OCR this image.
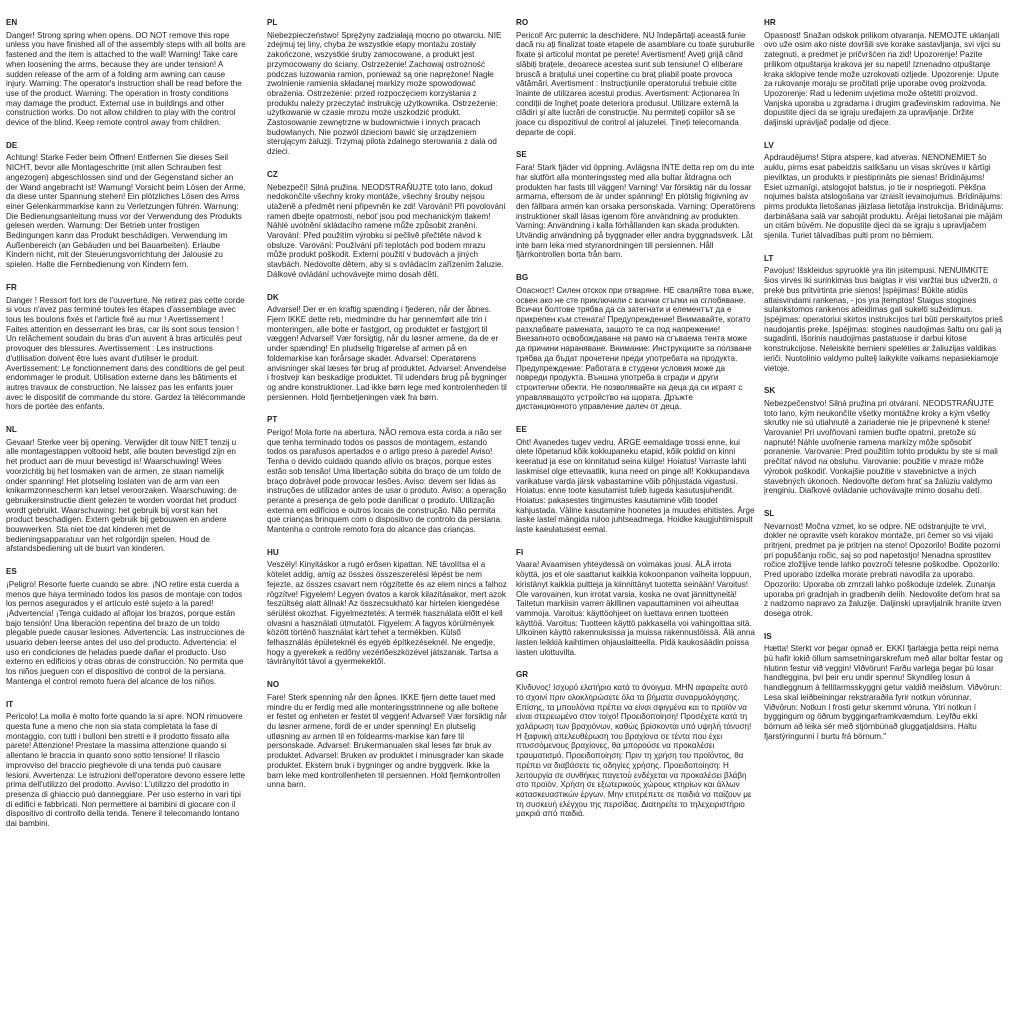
EN

Danger! Strong spring when opens. DO NOT remove this rope unless you have finished all of the assembly steps with all bolts are fastened and the item is attached to the wall! Warning! Take care when loosening the arms, because they are under tension! A sudden release of the arm of a folding arm awning can cause injury. Warning: The operator's instruction shall be read before the use of the product. Warning: The operation in frosty conditions may damage the product. External use in buildings and other construction works. Do not allow children to play with the control device of the blind. Keep remote control away from children.

DE

Achtung! Starke Feder beim Öffnen! Entfernen Sie dieses Seil NICHT, bevor alle Montageschritte (mit allen Schrauben fest angezogen) abgeschlossen sind und der Gegenstand sicher an der Wand angebracht ist! Warnung! Vorsicht beim Lösen der Arme, da diese unter Spannung stehen! Ein plötzliches Lösen des Arms einer Gelenkarmmarkise kann zu Verletzungen führen. Warnung: Die Bedienungsanleitung muss vor der Verwendung des Produkts gelesen werden. Warnung: Der Betrieb unter frostigen Bedingungen kann das Produkt beschädigen. Verwendung im Außenbereich (an Gebäuden und bei Bauarbeiten). Erlaube Kindern nicht, mit der Steuerungsvorrichtung der Jalousie zu spielen. Halte die Fernbedienung von Kindern fern.

FR

Danger ! Ressort fort lors de l'ouverture. Ne retirez pas cette corde si vous n'avez pas terminé toutes les étapes d'assemblage avec tous les boulons fixés et l'article fixé au mur ! Avertissement ! Faites attention en desserrant les bras, car ils sont sous tension ! Un relâchement soudain du bras d'un auvent à bras articulés peut provoquer des blessures. Avertissement : Les instructions d'utilisation doivent être lues avant d'utiliser le produit. Avertissement: Le fonctionnement dans des conditions de gel peut endommager le produit. Utilisation externe dans les bâtiments et autres travaux de construction. Ne laissez pas les enfants jouer avec le dispositif de commande du store. Gardez la télécommande hors de portée des enfants.

NL

Gevaar! Sterke veer bij opening. Verwijder dit touw NIET tenzij u alle montagestappen voltooid hebt, alle bouten bevestigd zijn en het product aan de muur bevestigd is! Waarschuwing! Wees voorzichtig bij het losmaken van de armen, ze staan namelijk onder spanning! Het plotseling loslaten van de arm van een knikarmzonnescherm kan letsel veroorzaken. Waarschuwing: de gebruikersinstructie dient gelezen te worden voordat het product wordt gebruikt. Waarschuwing: het gebruik bij vorst kan het product beschadigen. Extern gebruik bij gebouwen en andere bouwwerken. Sta niet toe dat kinderen met de bedieningsapparatuur van het rolgordijn spelen. Houd de afstandsbediening uit de buurt van kinderen.

ES

¡Peligro! Resorte fuerte cuando se abre. ¡NO retire esta cuerda a menos que haya terminado todos los pasos de montaje con todos los pernos asegurados y el artículo esté sujeto a la pared! ¡Advertencia! ¡Tenga cuidado al aflojar los brazos, porque están bajo tensión! Una liberación repentina del brazo de un toldo plegable puede causar lesiones. Advertencia: Las instrucciones de usuario deben leerse antes del uso del producto. Advertencia: el uso en condiciones de heladas puede dañar el producto. Uso externo en edificios y otras obras de construcción. No permita que los niños jueguen con el dispositivo de control de la persiana. Mantenga el control remoto fuera del alcance de los niños.

IT

Pericolo! La molla è molto forte quando la si apre. NON rimuovere questa fune a meno che non sia stata completata la fase di montaggio, con tutti i bulloni ben stretti e il prodotto fissato alla parete! Attenzione! Prestare la massima attenzione quando si allentano le braccia in quanto sono sotto tensione! Il rilascio improvviso del braccio pieghevole di una tenda può causare lesioni. Avvertenza: Le istruzioni dell'operatore devono essere lette prima dell'utilizzo del prodotto. Avviso: L'utilizzo del prodotto in presenza di ghiaccio può danneggiare. Per uso esterno in vari tipi di edifici e fabbricati. Non permettere ai bambini di giocare con il dispositivo di controllo della tenda. Tenere il telecomando lontano dai bambini.

PL

Niebezpieczeństwo! Sprężyny zadziałają mocno po otwarciu. NIE zdejmuj tej liny, chyba że wszystkie etapy montażu zostały zakończone, wszystkie śruby zamocowane, a produkt jest przymocowany do ściany. Ostrzeżenie! Zachowaj ostrożność podczas luzowania ramion, ponieważ są one naprężone! Nagłe zwolnienie ramienia składanej markizy może spowodować obrażenia. Ostrzeżenie: przed rozpoczęciem korzystania z produktu należy przeczytać instrukcję użytkownika. Ostrzeżenie: użytkowanie w czasie mrozu może uszkodzić produkt. Zastosowanie zewnętrzne w budownictwie i innych pracach budowlanych. Nie pozwól dzieciom bawić się urządzeniem sterującym żaluzji. Trzymaj pilota zdalnego sterowania z dala od dzieci.

CZ

Nebezpečí! Silná pružina. NEODSTRAŇUJTE toto lano, dokud nedokončíte všechny kroky montáže, všechny šrouby nejsou utaženě a předmět není připevněn ke zdi! Varování! Při povolování ramen dbejte opatrnosti, neboť jsou pod mechanickým tlakem! Náhlé uvolnění skládacího ramene může způsobit zranění. Varování: Před použitím výrobku si pečlivě přečtěte návod k obsluze. Varování: Používání při teplotách pod bodem mrazu může produkt poškodit. Externí použití v budovách a jiných stavbách. Nedovolte dětem, aby si s ovládacím zařízením žaluzie. Dálkové ovládání uchovávejte mimo dosah dětí.

DK

Advarsel! Der er en kraftig spænding i fjederen, når der åbnes. Fjern IKKE dette reb, medmindre du har gennemført alle trin i monteringen, alle bolte er fastgjort, og produktet er fastgjort til væggen! Advarsel! Vær forsigtig, når du løsner armene, da de er under spænding! En pludselig frigørelse af armen på en foldemarkise kan forårsage skader. Advarsel: Operatørens anvisninger skal læses før brug af produktet. Advarsel: Anvendelse i frostvejr kan beskadige produktet. Til udendørs brug på bygninger og andre konstruktioner. Lad ikke børn lege med kontrolenheden til persiennen. Hold fjernbetjeningen væk fra børn.

PT

Perigo! Mola forte na abertura. NÃO remova esta corda a não ser que tenha terminado todos os passos de montagem, estando todos os parafusos apertados e o artigo preso à parede! Aviso! Tenha o devido cuidado quando alívio os braços, porque estes estão sob tensão! Uma libertação súbita do braço de um toldo de braço dobrável pode provocar lesões. Aviso: devem ser lidas as instruções de utilizador antes de usar o produto. Aviso: a operação perante a presença de gelo pode danificar o produto. Utilização externa em edifícios e outros locais de construção. Não permita que crianças brinquem com o dispositivo de controlo da persiana. Mantenha o controle remoto fora do alcance das crianças.

HU

Veszély! Kinyitáskor a rugó erősen kipattan. NE távolítsa el a kötelet addig, amíg az összes összeszerelési lépést be nem fejezte, az összes csavart nem rögzítette és az elem nincs a falhoz rögzítve! Figyelem! Legyen óvatos a karok kilazításakor, mert azok feszültség alatt állnak! Az összecsukható kar hirtelen kiengedése sérülést okozhat. Figyelmeztetés: A termék használata előtt el kell olvasni a használati útmutatót. Figyelem: A fagyos körülmények között történő használat kárt tehet a termékben. Külső felhasználás épületeknél és egyéb építkezéseknél. Ne engedje, hogy a gyerekek a redőny vezérlőeszközével játszanak. Tartsa a távirányítót távol a gyermekektől.

NO

Fare! Sterk spenning når den åpnes. IKKE fjern dette tauet med mindre du er ferdig med alle monteringsstrinnene og alle boltene er festet og enheten er festet til veggen! Advarsel! Vær forsiktig når du løsner armene, fordi de er under spenning! En plutselig utløsning av armen til en foldearms-markise kan føre til personskade. Advarsel: Brukermanualen skal leses før bruk av produktet. Advarsel: Bruken av produktet i minusgrader kan skade produktet. Ekstern bruk i bygninger og andre byggverk. Ikke la barn leke med kontrollenheten til persiennen. Hold fjernkontrollen unna barn.

RO

Pericol! Arc puternic la deschidere. NU îndepărtați această funie dacă nu ați finalizat toate etapele de asamblare cu toate șuruburile fixate și articolul montat pe perete! Avertisment! Aveți grijă când slăbiți brațele, deoarece acestea sunt sub tensiune! O eliberare bruscă a brațului unei copertine cu braț pliabil poate provoca vătămări. Avertisment : Instrucțiunile operatorului trebuie citite înainte de utilizarea acestui produs. Avertisment: Acționarea în condiții de îngheț poate deteriora produsul. Utilizare externă la clădiri și alte lucrări de construcție. Nu permiteți copiilor să se joace cu dispozitivul de control al jaluzelei. Țineți telecomanda departe de copii.

SE

Fara! Stark fjäder vid öppning. Avlägsna INTE detta rep om du inte har slutfört alla monteringssteg med alla bultar åtdragna och produkten har fasts till väggen! Varning! Var försiktig när du lossar armarna, eftersom de är under spänning! En plötslig frigivning av den fällbara armen kan orsaka personskada. Varning: Operatörens instruktioner skall läsas igenom före användning av produkten. Varning: Användning i kalla förhållanden kan skada produkten. Utvändig användning på byggnader eller andra byggnadsverk. Låt inte barn leka med styranordningen till persiennen. Håll fjärrkontrollen borta från barn.

BG

Опасност! Силен отскок при отваряне. НЕ сваляйте това въже, освен ако не сте приключили с всички стъпки на сглобяване. Всички болтове трябва да са затегнати и елементът да е прикрепен към стената! Предупреждение! Внимавайте, когато разхлабвате рамената, защото те са под напрежение! Внезапното освобождаване на рамо на сгъваема тента може да причини нараняване. Внимание: Инструкциите за ползване трябва да бъдат прочетени преди употребата на продукта. Предупреждение: Работата в студени условия може да повреди продукта. Външна употреба в сгради и други строителни обекти. Не позволявайте на деца да си играят с управляващото устройство на щората. Дръжте дистанционното управление далеч от деца.

EE

Oht! Avanedes tugev vedru. ÄRGE eemaldage trossi enne, kui olete lõpetanud kõik kokkupaneku etapid, kõik poldid on kinni keeratud ja ese on kinnitatud seina külge! Hoiatus! Varraste lahti laskmisel olge ettevaatlik, kuna need on pinge all! Kokkupandava varikatuse varda järsk vabastamine võib põhjustada vigastusi. Hoiatus: enne toote kasutamist tuleb lugeda kasutusjuhendit. Hoiatus: pakasestes tingimustes kasutamine võib toodet kahjustada. Väline kasutamine hoonetes ja muudes ehitistes. Ärge laske lastel mängida ruloo juhtseadmega. Hoidke kaugjuhtimispult laste kaeulatusest eemal.

FI

Vaara! Avaamisen yhteydessä on voimakas jousi. ÄLÄ irrota köyttä, jos et ole saattanut kaikkia kokoonpanon vaiheita loppuun, kiristänyt kaikkia pultteja ja kiinnittänyt tuotetta seinään! Varoitus! Ole varovainen, kun irrotat varsia, koska ne ovat jännittyneitä! Taitetun markiisin varren äkillinen vapauttaminen voi aiheuttaa vammoja. Varoitus: käyttöohjeet on luettava ennen tuotteen käyttöä. Varoitus: Tuotteen käyttö pakkasella voi vahingoittaa sitä. Ulkoinen käyttö rakennuksissa ja muissa rakennustöissä. Älä anna lasten leikkiä kaihtimen ohjauslaitteella. Pidä kaukosäädin poissa lasten ulottuvilta.

GR

Κίνδυνος! Ισχυρό ελατήριο κατά το άνοιγμα. ΜΗΝ αφαιρείτε αυτό το σχοινί πριν ολοκληρώσετε όλα τα βήματα συναρμολόγησης. Επίσης, τα μπουλόνια πρέπει να είναι σφιγμένα και το προϊόν να είναι στερεωμένο στον τοίχο! Προειδοποίηση! Προσέχετε κατά τη χαλάρωση των βραχιόνων, καθώς βρίσκονται υπό υψηλή τάνυση! Η ξαφνική απελευθέρωση του βραχίονα σε τέντα που έχει πτυσσόμενους βραχίονες, θα μπορούσε να προκαλέσει τραυματισμό. Προειδοποίηση: Πριν τη χρήση του προϊόντος, θα πρέπει να διαβάσετε τις οδηγίες χρήσης. Προειδοποίηση: Η λειτουργία σε συνθήκες παγετού ενδέχεται να προκαλέσει βλάβη στο προϊόν. Χρήση σε εξωτερικούς χώρους κτηρίων και άλλων κατασκευαστικών έργων. Μην επιτρέπετε σε παιδιά να παίζουν με τη συσκευή ελέγχου της περσίδας. Διατηρείτε το τηλεχειριστήριο μακριά από παιδιά.

HR

Opasnost! Snažan odskok prilikom otvaranja. NEMOJTE uklanjati ovo uže osim ako niste dovršili sve korake sastavljanja, svi vijci su zategnuti, a predmet je pričvršćen na zid! Upozorenje! Pazite prilikom otpuštanja krakova jer su napeti! Iznenadno otpuštanje kraka sklopive tende može uzrokovati ozljede. Upozorenje: Upute za rukovanje moraju se pročitati prije uporabe ovog proizvoda. Upozorenje: Rad u ledenim uvjetima može oštetiti proizvod. Vanjska uporaba u zgradama i drugim građevinskim radovima. Ne dopustite djeci da se igraju uređajem za upravljanje. Držite daljinski upravljač podalje od djece.

LV

Apdraudējums! Stipra atspere, kad atveras. NENONEMIET šo auklu, pirms esat pabeidzis salikšanu un visas skrūves ir kārtīgi pievilktas, un produkts ir piestiprināts pie sienas! Brīdinājums! Esiet uzmanīgi, atslogojot balstus, jo tie ir nospriegoti. Pēkšņa nojumes balsta atslogošana var izraisīt ievainojumus. Brīdinājums: pirms produkta lietošanas jāizlasa lietotāja instrukcija. Brīdinājums: darbināšana salā var sabojāt produktu. Ārējai lietošanai pie mājām un citām būvēm. Ne dopustite djeci da se igraju s upravljačem sjenila. Turiet tālvadības pulti prom no bērniem.

LT

Pavojus! Išskleidus spyruoklė yra itin įsitempusi. NENUIMKITE šios virvės iki surinkimas bus baigtas ir visi varžtai bus užveržti, o prekė bus pritvirtinta prie sienos! Įspėjimas! Būkite atidūs atlaisvindami rankenas, - jos yra įtemptos! Staigus stogines sulankstomos rankenos atleidimas gali sukelti sužeidimus. Įspėjimas: operatoriui skirtos instrukcijos turi būti perskaitytos prieš naudojantis preke. Įspėjimas: stogines naudojimas šaltu oru gali ją sugadinti. Išorinis naudojimas pastatuose ir darbui kitose konstrukcijose. Neleiskite bernieni spelėties ar žaliuzijas valdikas ieriči. Nuotolinio valdymo pultelį laikykite vaikams nepasiekiamoje vietoje.

SK

Nebezpečenstvo! Silná pružina pri otváraní. NEODSTRAŇUJTE toto lano, kým neukončíte všetky montážne kroky a kým všetky skrutky nie sú utiahnuté a zariadenie nie je pripevnené k stene! Varovanie! Pri uvoľňovaní ramien buďte opatrní, pretože sú napnuté! Náhle uvoľnenie ramena markízy môže spôsobiť poranenie. Varovanie: Pred použitím tohto produktu by ste si mali prečítať návod na obsluhu. Varovanie: použitie v mraze môže výrobok poškodiť. Vonkajšie použitie v stavebnictve a iných stavebných úkonoch. Nedovoľte deťom hrať sa žalúziu valdymo įrenginiu. Diaľkové ovládanie uchovávajte mimo dosahu detí.

SL

Nevarnost! Močna vzmet, ko se odpre. NE odstranjujte te vrvi, dokler ne opravite vseh korakov montaže, pri čemer so vsi vijaki pritrjeni, predmet pa je pritrjen na steno! Opozorilo! Bodite pozorni pri popuščanju ročic, saj so pod napetostjo! Nenadna sprostitev ročice zložljive tende lahko povzroči telesne poškodbe. Opozorilo: Pred uporabo izdelka morate prebrati navodila za uporabo. Opozorilo: Uporaba ob zmrzali lahko poškoduje izdelek. Zunanja uporaba pri gradnjah in gradbenih delih. Nedovolite deťom hrat sa z nadzorno napravo za žaluzije. Daljinski upravljalnik hranite izven dosega otrok.

IS

Hætta! Sterkt vor þegar opnað er. EKKI fjarlægja þetta reipi nema þú hafir lokið öllum samsetningarskrefum með allar boltar festar og hlutinn festur við veggin! Viðvörun! Farðu varlega þegar þú losar handleggina, því þeir eru undir spennu! Skyndileg losun á handleggnum á fellitarmsskyggni getur valdið meiðslum. Viðvörun: Lesa skal leiðbeiningar rekstraraðila fyrir notkun vörunnar. Viðvörun: Notkun í frosti getur skemmt vöruna. Ytri notkun í byggingum og öðrum byggingarframkvæmdum. Leyfðu ekki börnum að leika sér með stjórnbúnað gluggatjaldsins. Haltu fjarstýringunni í burtu frá börnum."
